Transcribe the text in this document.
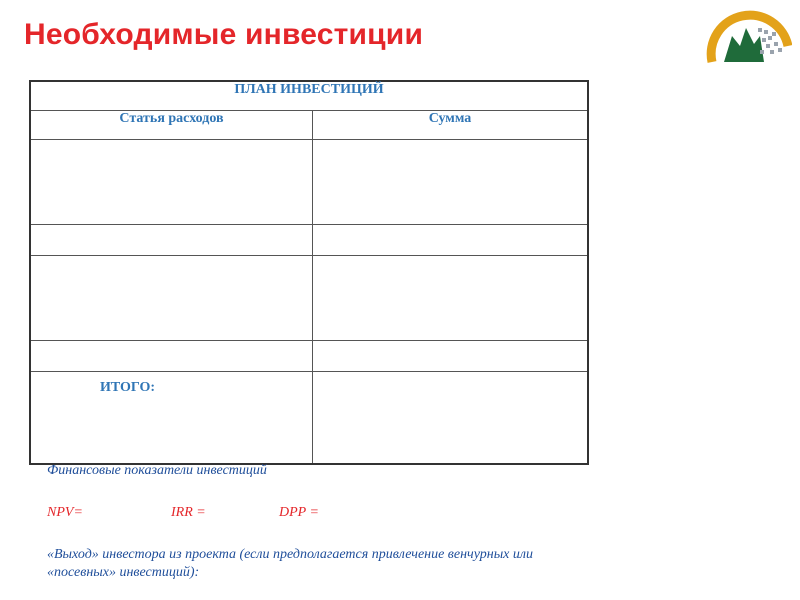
Необходимые инвестиции
ПЛАН ИНВЕСТИЦИЙ	
Статья расходов	Сумма

ИТОГО:	
Финансовые показатели инвестиций
NPV=	IRR =	DPP =
«Выход» инвестора из проекта (если предполагается привлечение венчурных или
«посевных» инвестиций):
